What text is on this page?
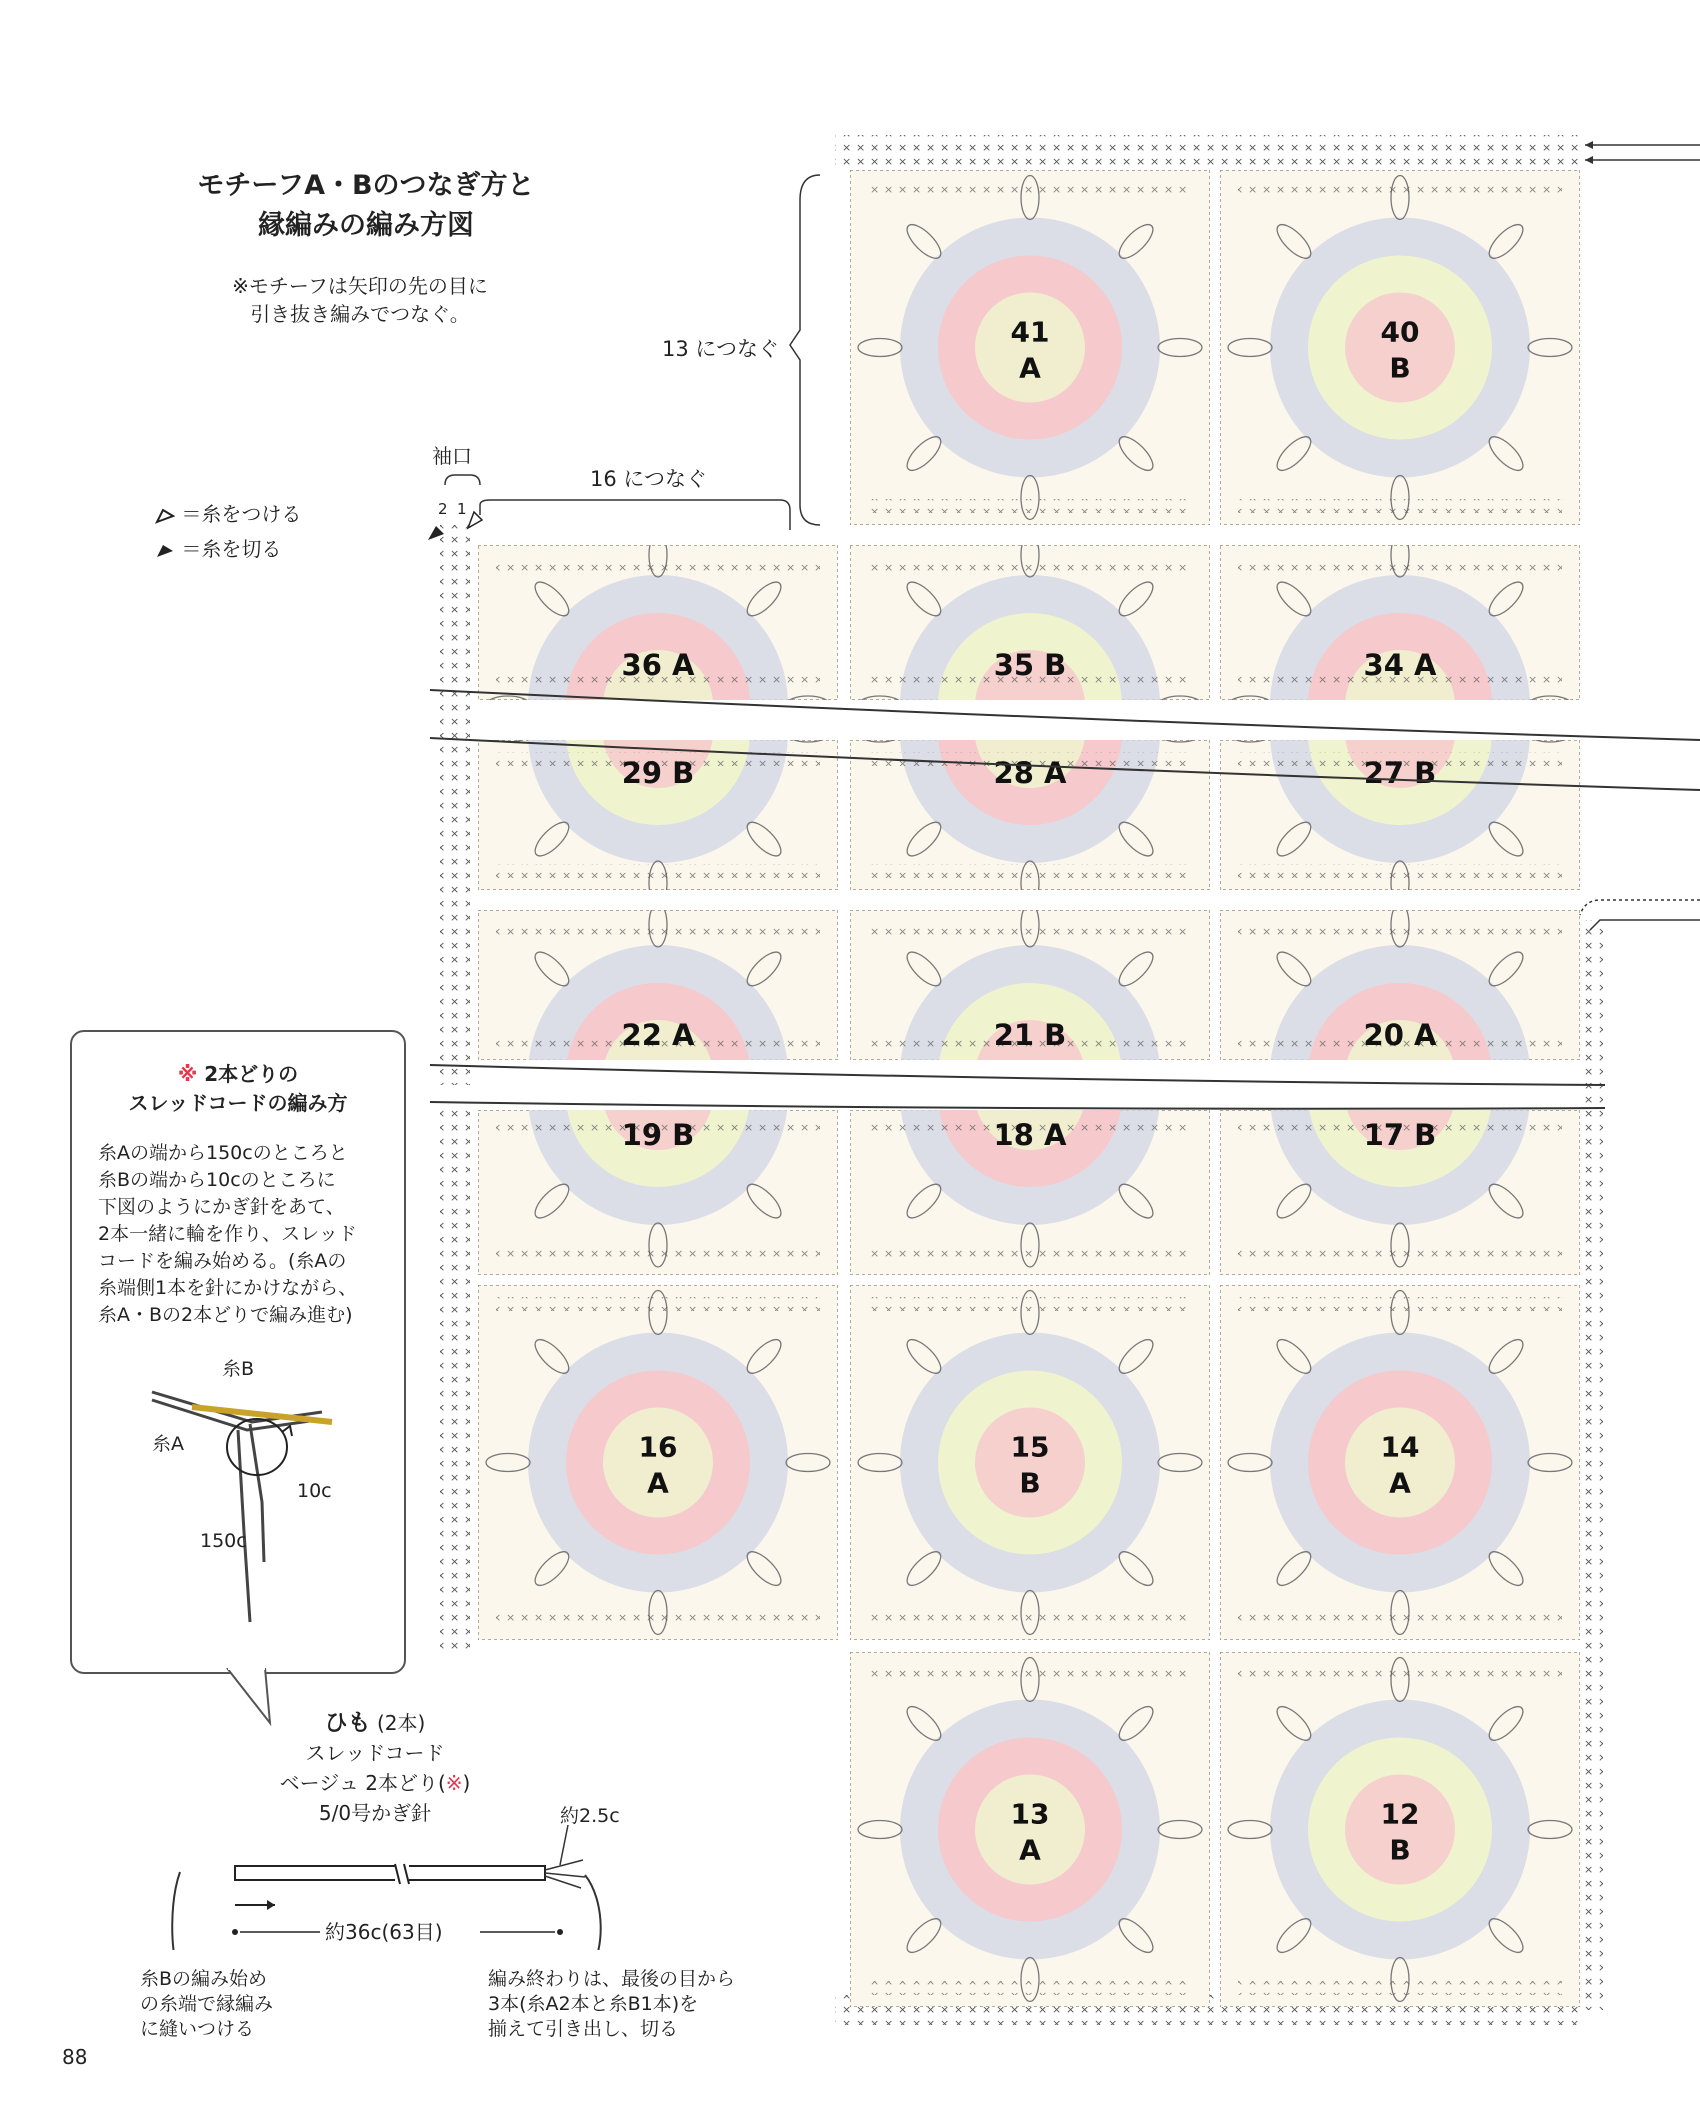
モチーフA・Bのつなぎ方と
縁編みの編み方図
※モチーフは矢印の先の目に
引き抜き編みでつなぐ。
13 につなぐ
16 につなぐ
袖口
2 1
＝糸をつける
＝糸を切る
41
A
40
B
36 A	35 B	34 A
29 B	28 A	27 B
22 A	21 B	20 A
19 B	18 A	17 B
16
A
15
B
14
A
13
A
12
B
※ 2本どりの
スレッドコードの編み方
糸Aの端から150cのところと
糸Bの端から10cのところに
下図のようにかぎ針をあて、
2本一緒に輪を作り、スレッド
コードを編み始める。(糸Aの
糸端側1本を針にかけながら、
糸A・Bの2本どりで編み進む)
糸B
糸A
10c
150c
ひも (2本)
スレッドコード
ベージュ 2本どり(※)
5/0号かぎ針	約2.5c
約36c(63目)
糸Bの編み始め
の糸端で縁編み
に縫いつける
編み終わりは、最後の目から
3本(糸A2本と糸B1本)を
揃えて引き出し、切る
88
